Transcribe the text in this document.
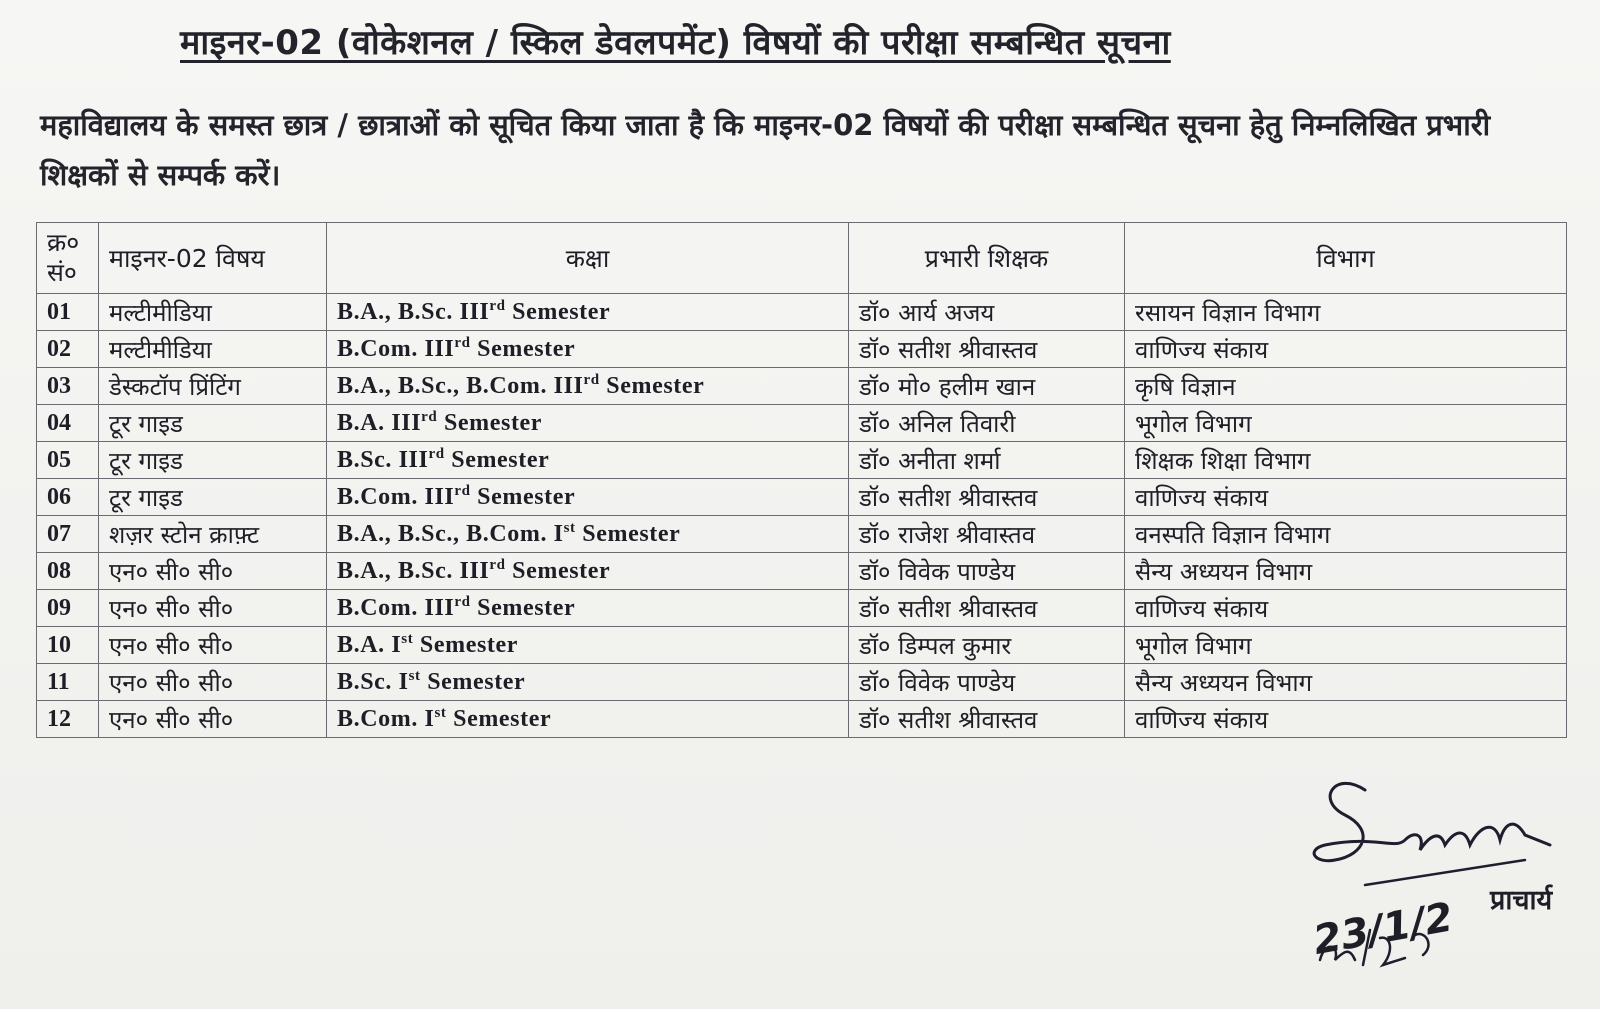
माइनर-02 (वोकेशनल / स्किल डेवलपमेंट) विषयों की परीक्षा सम्बन्धित सूचना
महाविद्यालय के समस्त छात्र / छात्राओं को सूचित किया जाता है कि माइनर-02 विषयों की परीक्षा सम्बन्धित सूचना हेतु निम्नलिखित प्रभारी शिक्षकों से सम्पर्क करें।
क्र०
सं०	माइनर-02 विषय	कक्षा	प्रभारी शिक्षक	विभाग
01	मल्टीमीडिया	B.A., B.Sc. IIIrd Semester	डॉ० आर्य अजय	रसायन विज्ञान विभाग
02	मल्टीमीडिया	B.Com. IIIrd Semester	डॉ० सतीश श्रीवास्तव	वाणिज्य संकाय
03	डेस्कटॉप प्रिंटिंग	B.A., B.Sc., B.Com. IIIrd Semester	डॉ० मो० हलीम खान	कृषि विज्ञान
04	टूर गाइड	B.A. IIIrd Semester	डॉ० अनिल तिवारी	भूगोल विभाग
05	टूर गाइड	B.Sc. IIIrd Semester	डॉ० अनीता शर्मा	शिक्षक शिक्षा विभाग
06	टूर गाइड	B.Com. IIIrd Semester	डॉ० सतीश श्रीवास्तव	वाणिज्य संकाय
07	शज़र स्टोन क्राफ़्ट	B.A., B.Sc., B.Com. Ist Semester	डॉ० राजेश श्रीवास्तव	वनस्पति विज्ञान विभाग
08	एन० सी० सी०	B.A., B.Sc. IIIrd Semester	डॉ० विवेक पाण्डेय	सैन्य अध्ययन विभाग
09	एन० सी० सी०	B.Com. IIIrd Semester	डॉ० सतीश श्रीवास्तव	वाणिज्य संकाय
10	एन० सी० सी०	B.A. Ist Semester	डॉ० डिम्पल कुमार	भूगोल विभाग
11	एन० सी० सी०	B.Sc. Ist Semester	डॉ० विवेक पाण्डेय	सैन्य अध्ययन विभाग
12	एन० सी० सी०	B.Com. Ist Semester	डॉ० सतीश श्रीवास्तव	वाणिज्य संकाय
प्राचार्य
23/1/2
